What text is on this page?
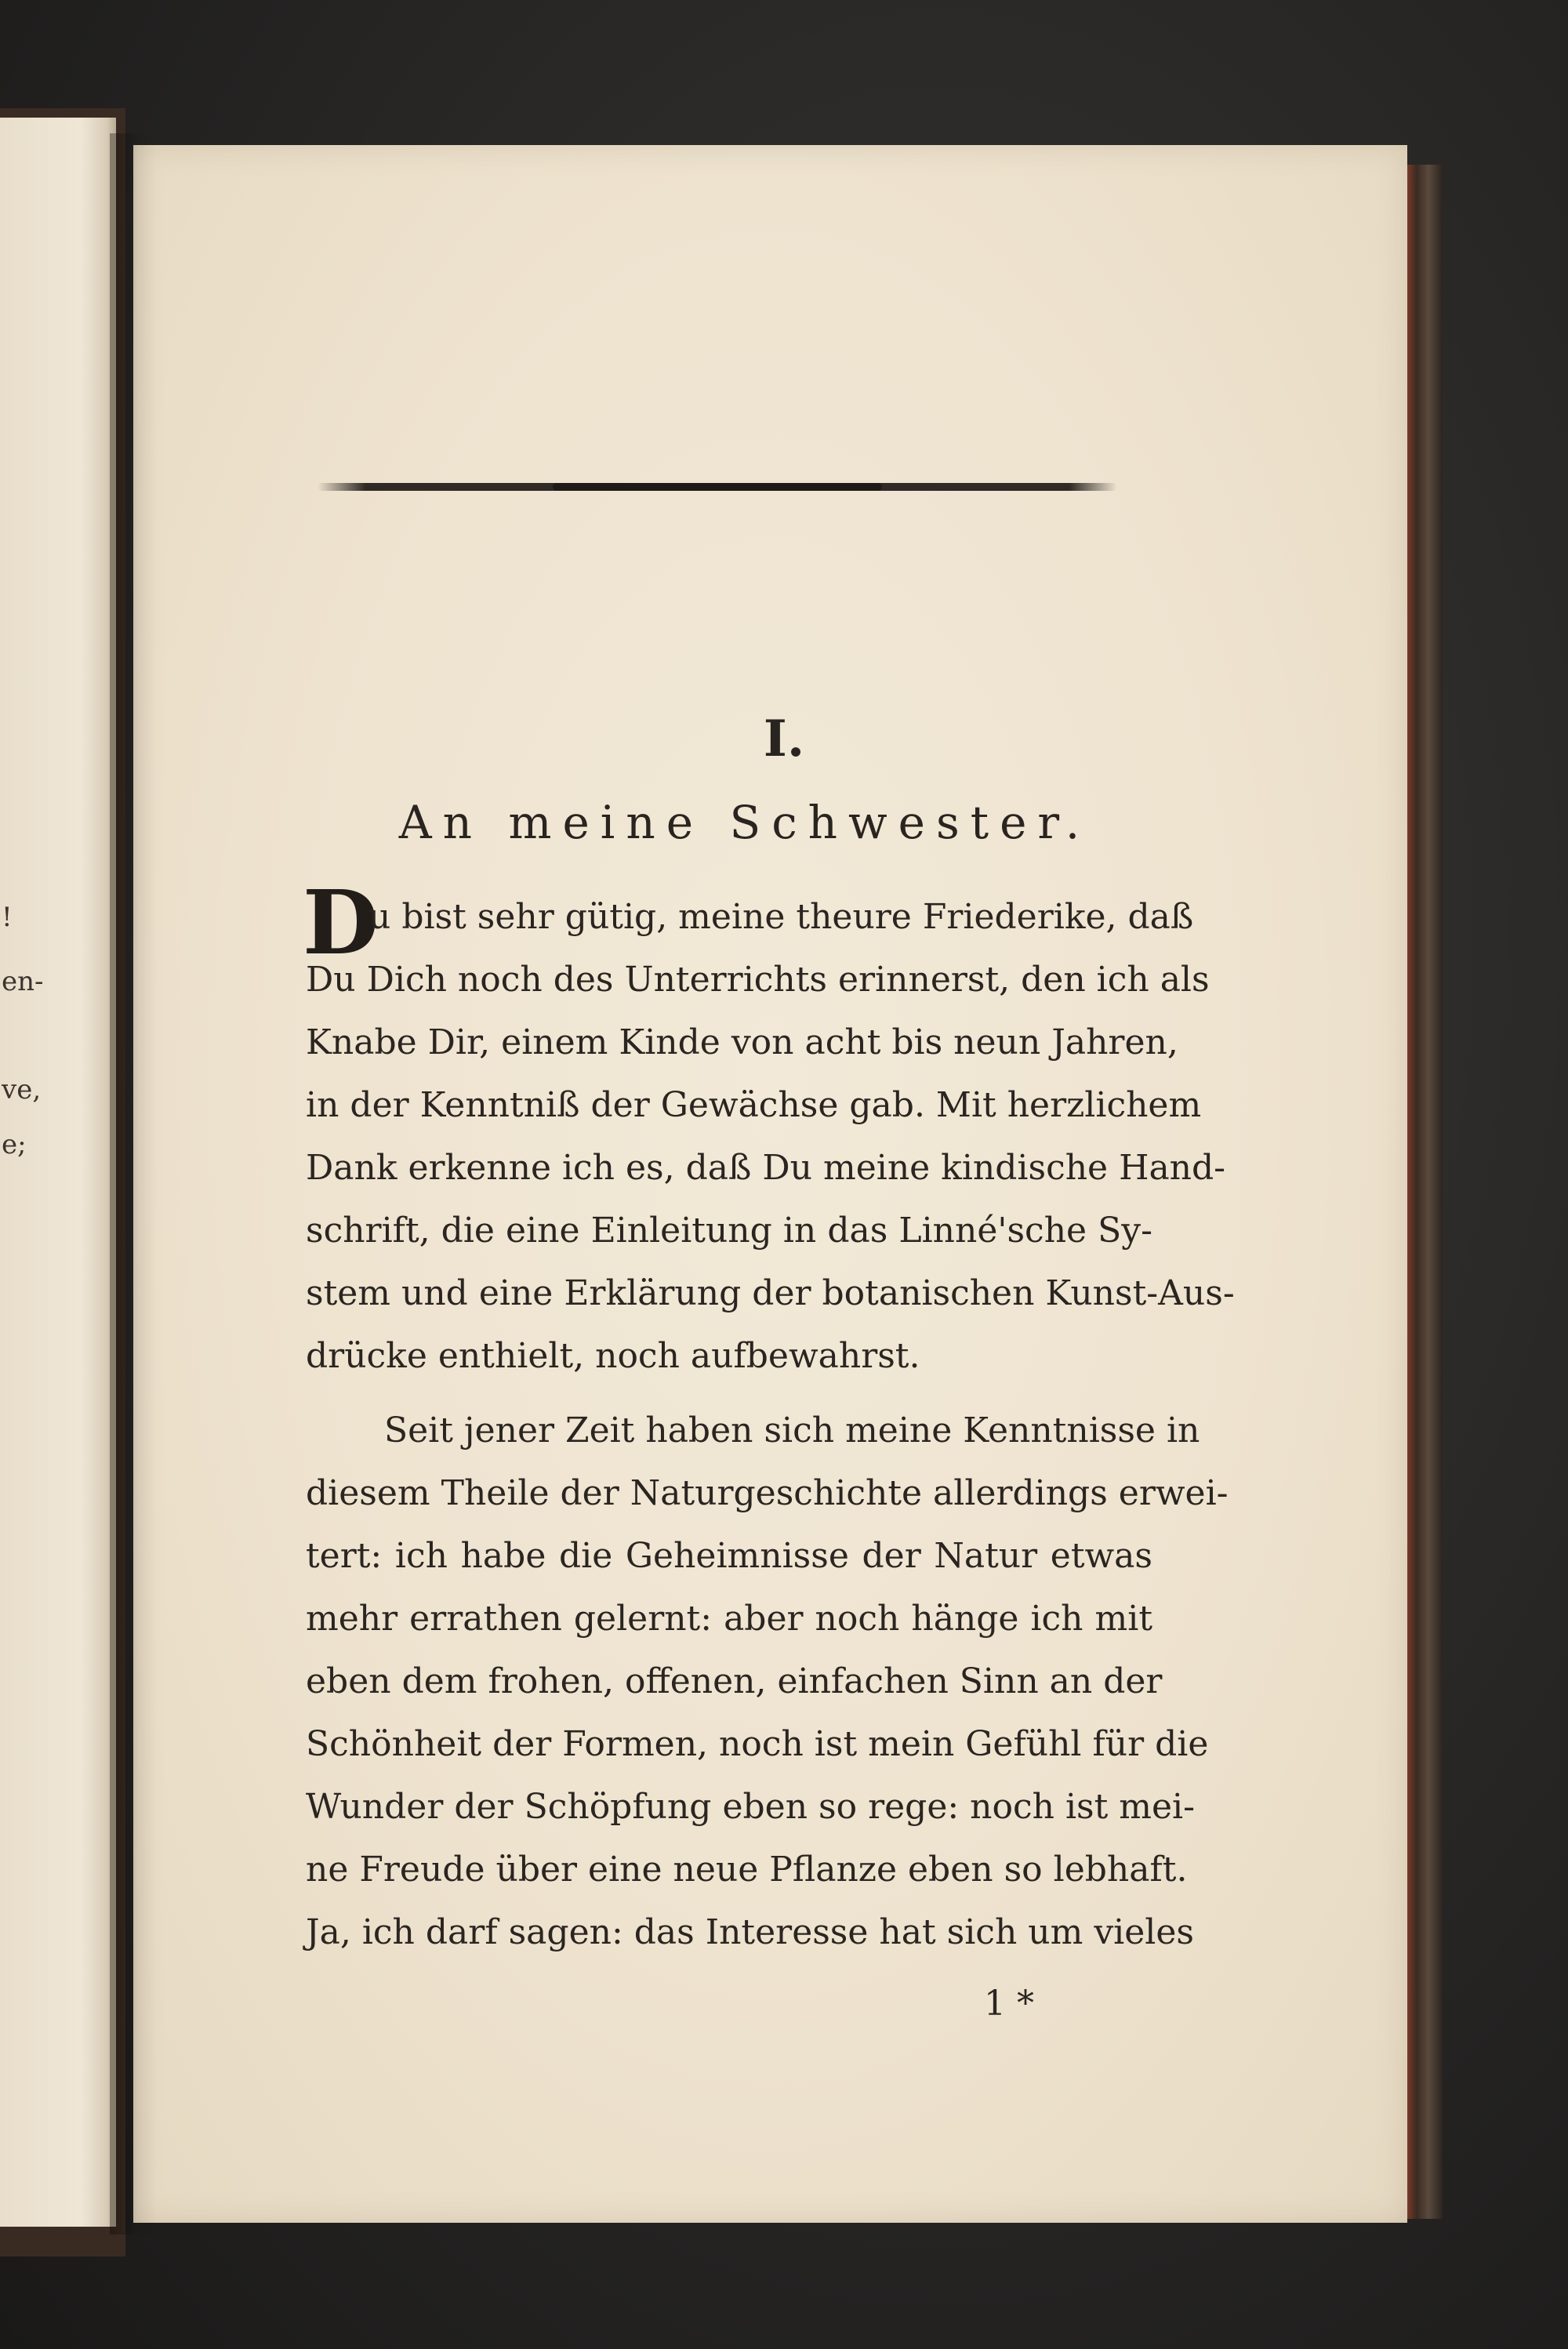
!
en-
ve,
e;
I.
An meine Schwester.
D
u bist sehr gütig, meine theure Friederike, daß
Du Dich noch des Unterrichts erinnerst, den ich als
Knabe Dir, einem Kinde von acht bis neun Jahren,
in der Kenntniß der Gewächse gab. Mit herzlichem
Dank erkenne ich es, daß Du meine kindische Hand-
schrift, die eine Einleitung in das Linné'sche Sy-
stem und eine Erklärung der botanischen Kunst-Aus-
drücke enthielt, noch aufbewahrst.
Seit jener Zeit haben sich meine Kenntnisse in
diesem Theile der Naturgeschichte allerdings erwei-
tert: ich habe die Geheimnisse der Natur etwas
mehr errathen gelernt: aber noch hänge ich mit
eben dem frohen, offenen, einfachen Sinn an der
Schönheit der Formen, noch ist mein Gefühl für die
Wunder der Schöpfung eben so rege: noch ist mei-
ne Freude über eine neue Pflanze eben so lebhaft.
Ja, ich darf sagen: das Interesse hat sich um vieles
1 *
